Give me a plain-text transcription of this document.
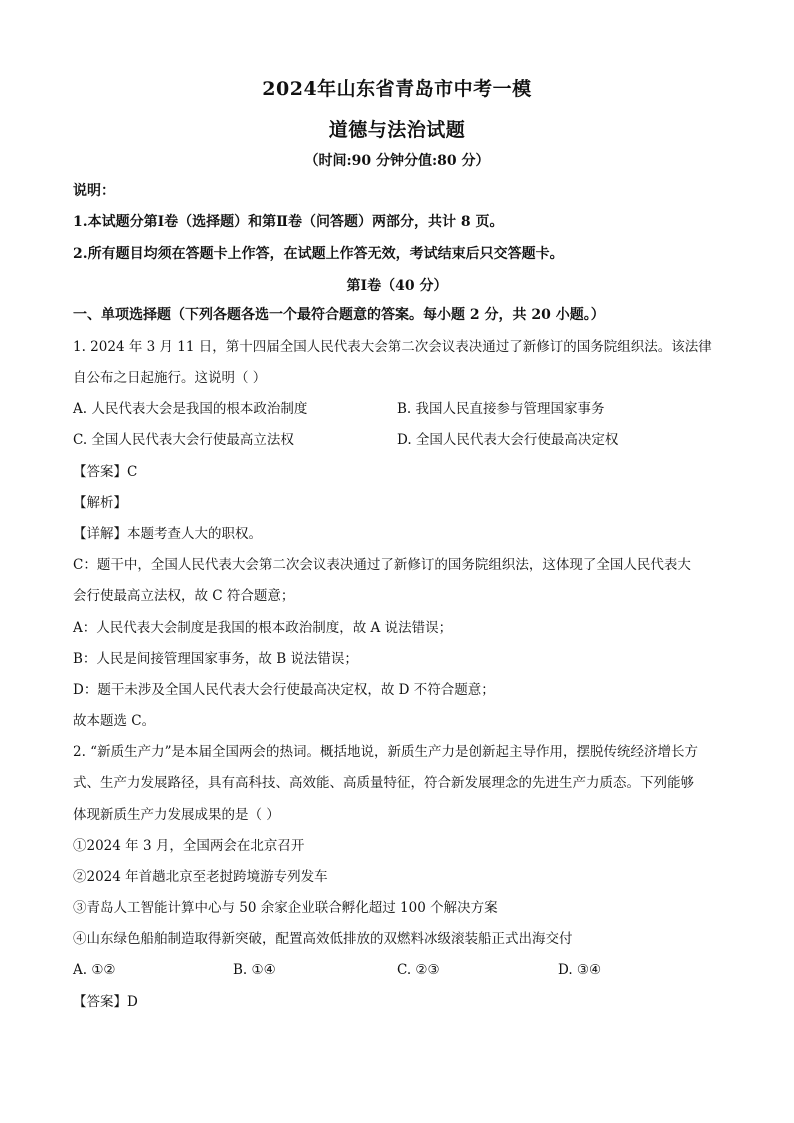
2024年山东省青岛市中考一模
道德与法治试题
（时间:90 分钟分值:80 分）
说明：
1.本试题分第Ⅰ卷（选择题）和第Ⅱ卷（问答题）两部分，共计 8 页。
2.所有题目均须在答题卡上作答，在试题上作答无效，考试结束后只交答题卡。
第Ⅰ卷（40 分）
一、单项选择题（下列各题各选一个最符合题意的答案。每小题 2 分，共 20 小题。）
1. 2024 年 3 月 11 日，第十四届全国人民代表大会第二次会议表决通过了新修订的国务院组织法。该法律
自公布之日起施行。这说明（ ）
A. 人民代表大会是我国的根本政治制度	B. 我国人民直接参与管理国家事务
C. 全国人民代表大会行使最高立法权	D. 全国人民代表大会行使最高决定权
【答案】C
【解析】
【详解】本题考查人大的职权。
C：题干中，全国人民代表大会第二次会议表决通过了新修订的国务院组织法，这体现了全国人民代表大
会行使最高立法权，故 C 符合题意；
A：人民代表大会制度是我国的根本政治制度，故 A 说法错误；
B：人民是间接管理国家事务，故 B 说法错误；
D：题干未涉及全国人民代表大会行使最高决定权，故 D 不符合题意；
故本题选 C。
2. “新质生产力”是本届全国两会的热词。概括地说，新质生产力是创新起主导作用，摆脱传统经济增长方
式、生产力发展路径，具有高科技、高效能、高质量特征，符合新发展理念的先进生产力质态。下列能够
体现新质生产力发展成果的是（ ）
①2024 年 3 月，全国两会在北京召开
②2024 年首趟北京至老挝跨境游专列发车
③青岛人工智能计算中心与 50 余家企业联合孵化超过 100 个解决方案
④山东绿色船舶制造取得新突破，配置高效低排放的双燃料冰级滚装船正式出海交付
A. ①②	B. ①④	C. ②③	D. ③④
【答案】D
